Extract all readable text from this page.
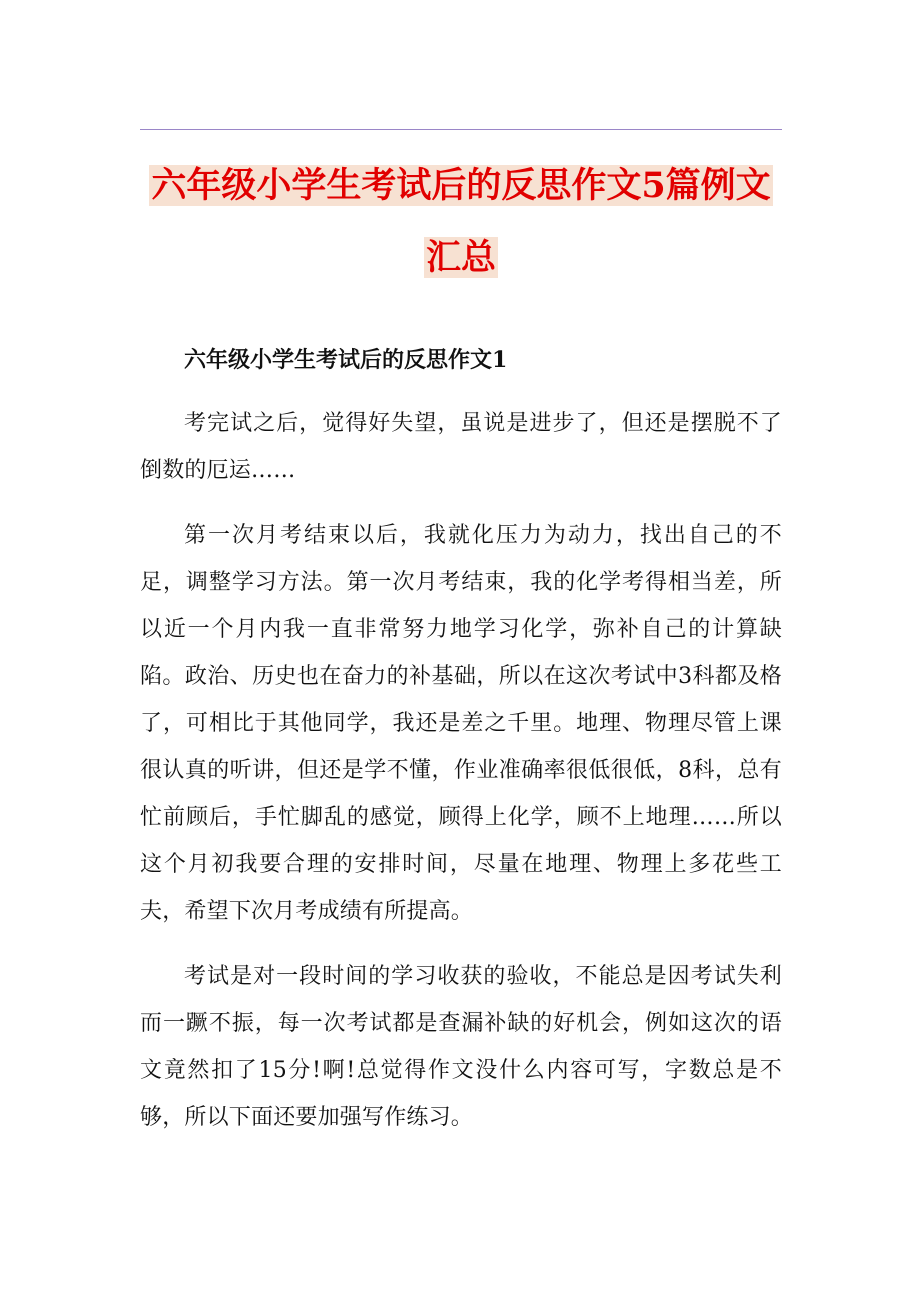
六年级小学生考试后的反思作文5篇例文
汇总

六年级小学生考试后的反思作文1

考完试之后，觉得好失望，虽说是进步了，但还是摆脱不了倒数的厄运……

第一次月考结束以后，我就化压力为动力，找出自己的不足，调整学习方法。第一次月考结束，我的化学考得相当差，所以近一个月内我一直非常努力地学习化学，弥补自己的计算缺陷。政治、历史也在奋力的补基础，所以在这次考试中3科都及格了，可相比于其他同学，我还是差之千里。地理、物理尽管上课很认真的听讲，但还是学不懂，作业准确率很低很低，8科，总有忙前顾后，手忙脚乱的感觉，顾得上化学，顾不上地理……所以这个月初我要合理的安排时间，尽量在地理、物理上多花些工夫，希望下次月考成绩有所提高。

考试是对一段时间的学习收获的验收，不能总是因考试失利而一蹶不振，每一次考试都是查漏补缺的好机会，例如这次的语文竟然扣了15分!啊!总觉得作文没什么内容可写，字数总是不够，所以下面还要加强写作练习。
